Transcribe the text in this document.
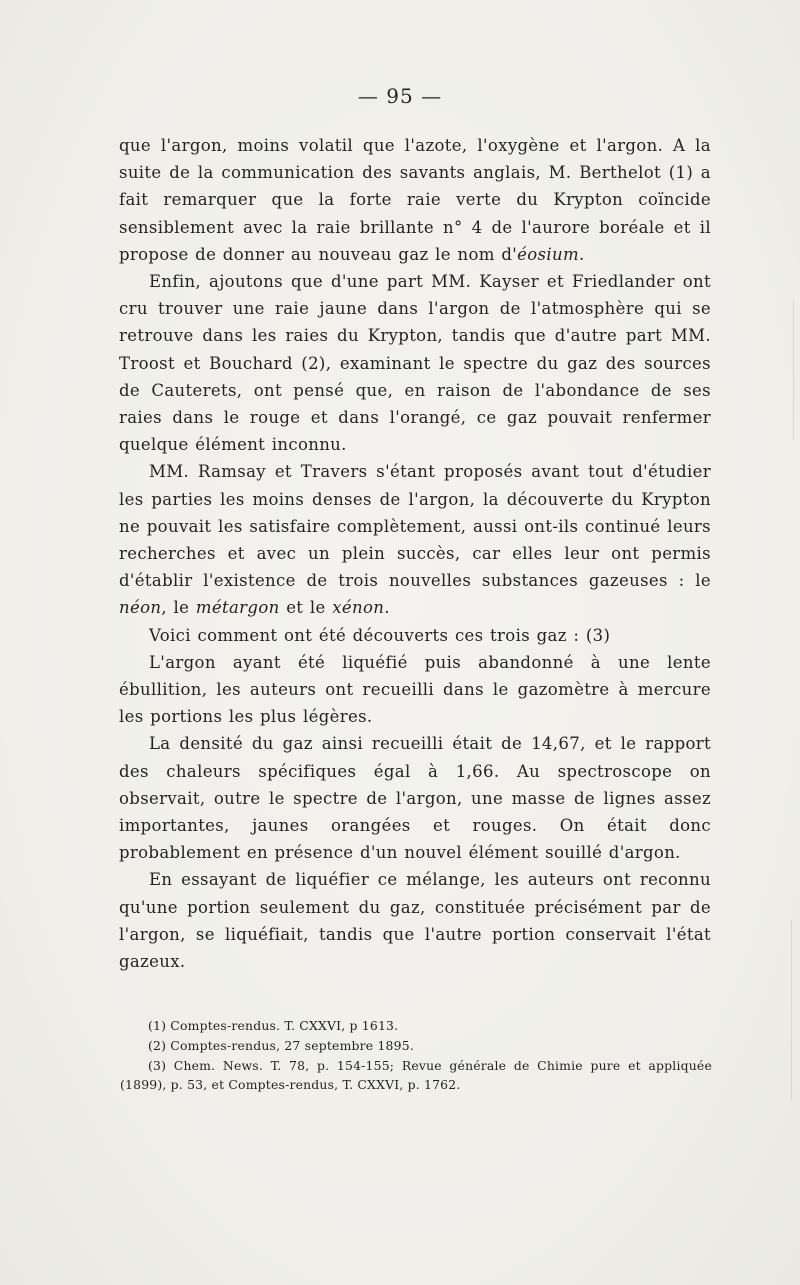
— 95 —

que l'argon, moins volatil que l'azote, l'oxygène et l'argon. A la suite de la communication des savants anglais, M. Berthelot (1) a fait remarquer que la forte raie verte du Krypton coïncide sensiblement avec la raie brillante n° 4 de l'aurore boréale et il propose de donner au nouveau gaz le nom d'éosium.

Enfin, ajoutons que d'une part MM. Kayser et Friedlander ont cru trouver une raie jaune dans l'argon de l'atmosphère qui se retrouve dans les raies du Krypton, tandis que d'autre part MM. Troost et Bouchard (2), examinant le spectre du gaz des sources de Cauterets, ont pensé que, en raison de l'abondance de ses raies dans le rouge et dans l'orangé, ce gaz pouvait renfermer quelque élément inconnu.

MM. Ramsay et Travers s'étant proposés avant tout d'étudier les parties les moins denses de l'argon, la découverte du Krypton ne pouvait les satisfaire complètement, aussi ont-ils continué leurs recherches et avec un plein succès, car elles leur ont permis d'établir l'existence de trois nouvelles substances gazeuses : le néon, le métargon et le xénon.

Voici comment ont été découverts ces trois gaz : (3)

L'argon ayant été liquéfié puis abandonné à une lente ébullition, les auteurs ont recueilli dans le gazomètre à mercure les portions les plus légères.

La densité du gaz ainsi recueilli était de 14,67, et le rapport des chaleurs spécifiques égal à 1,66. Au spectroscope on observait, outre le spectre de l'argon, une masse de lignes assez importantes, jaunes orangées et rouges. On était donc probablement en présence d'un nouvel élément souillé d'argon.

En essayant de liquéfier ce mélange, les auteurs ont reconnu qu'une portion seulement du gaz, constituée précisément par de l'argon, se liquéfiait, tandis que l'autre portion conservait l'état gazeux.

(1) Comptes-rendus. T. CXXVI, p 1613.

(2) Comptes-rendus, 27 septembre 1895.

(3) Chem. News. T. 78, p. 154-155; Revue générale de Chimie pure et appliquée (1899), p. 53, et Comptes-rendus, T. CXXVI, p. 1762.
